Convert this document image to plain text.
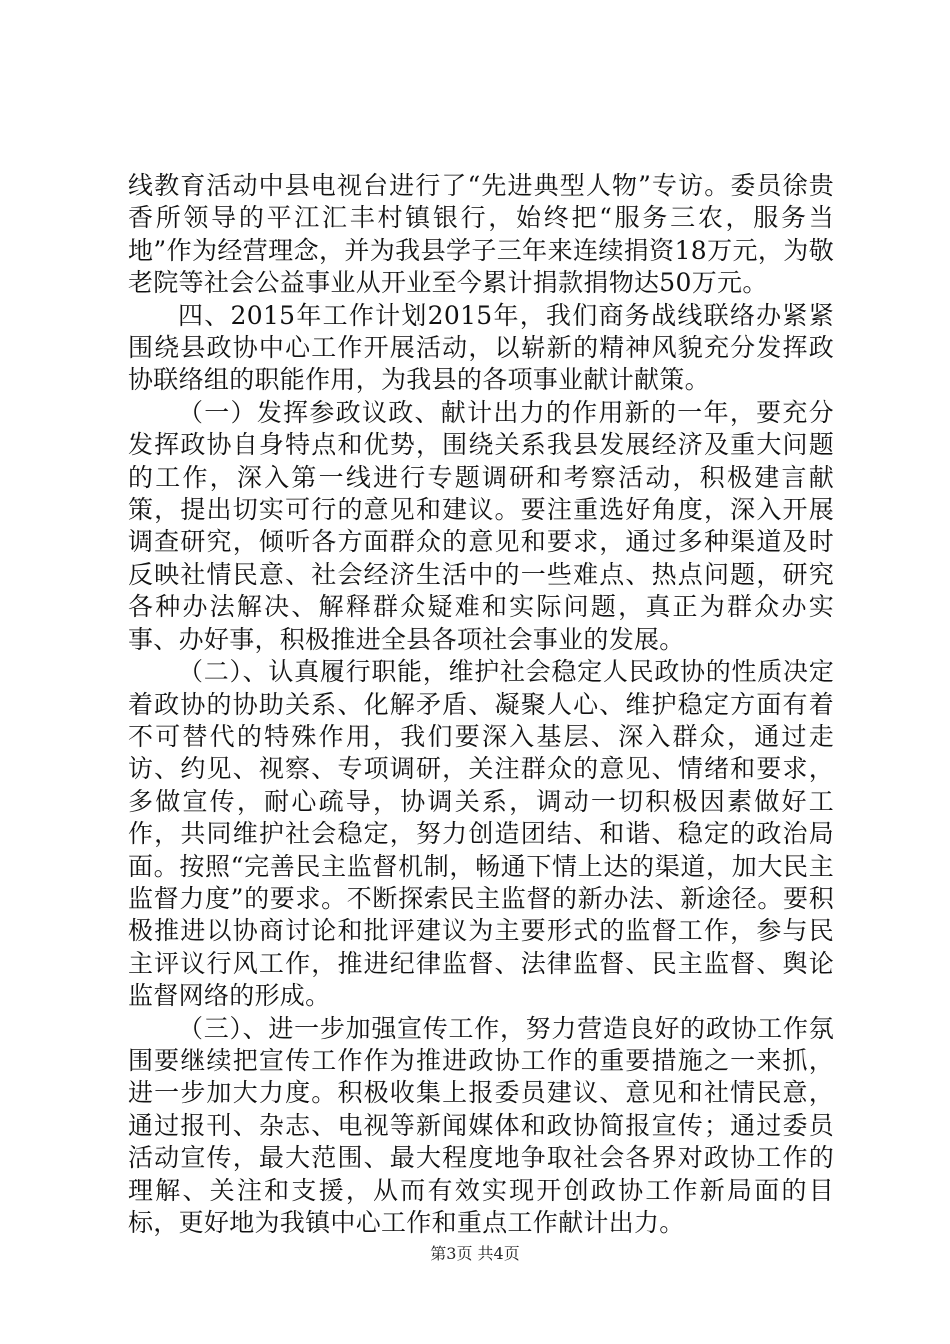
线教育活动中县电视台进行了“先进典型人物”专访。委员徐贵香所领导的平江汇丰村镇银行，始终把“服务三农，服务当地”作为经营理念，并为我县学子三年来连续捐资18万元，为敬老院等社会公益事业从开业至今累计捐款捐物达50万元。

四、2015年工作计划2015年，我们商务战线联络办紧紧围绕县政协中心工作开展活动，以崭新的精神风貌充分发挥政协联络组的职能作用，为我县的各项事业献计献策。

（一）发挥参政议政、献计出力的作用新的一年，要充分发挥政协自身特点和优势，围绕关系我县发展经济及重大问题的工作，深入第一线进行专题调研和考察活动，积极建言献策，提出切实可行的意见和建议。要注重选好角度，深入开展调查研究，倾听各方面群众的意见和要求，通过多种渠道及时反映社情民意、社会经济生活中的一些难点、热点问题，研究各种办法解决、解释群众疑难和实际问题，真正为群众办实事、办好事，积极推进全县各项社会事业的发展。

（二）、认真履行职能，维护社会稳定人民政协的性质决定着政协的协助关系、化解矛盾、凝聚人心、维护稳定方面有着不可替代的特殊作用，我们要深入基层、深入群众，通过走访、约见、视察、专项调研，关注群众的意见、情绪和要求，多做宣传，耐心疏导，协调关系，调动一切积极因素做好工作，共同维护社会稳定，努力创造团结、和谐、稳定的政治局面。按照“完善民主监督机制，畅通下情上达的渠道，加大民主监督力度”的要求。不断探索民主监督的新办法、新途径。要积极推进以协商讨论和批评建议为主要形式的监督工作，参与民主评议行风工作，推进纪律监督、法律监督、民主监督、舆论监督网络的形成。

（三）、进一步加强宣传工作，努力营造良好的政协工作氛围要继续把宣传工作作为推进政协工作的重要措施之一来抓，进一步加大力度。积极收集上报委员建议、意见和社情民意，通过报刊、杂志、电视等新闻媒体和政协简报宣传；通过委员活动宣传，最大范围、最大程度地争取社会各界对政协工作的理解、关注和支援，从而有效实现开创政协工作新局面的目标，更好地为我镇中心工作和重点工作献计出力。

第3页 共4页
